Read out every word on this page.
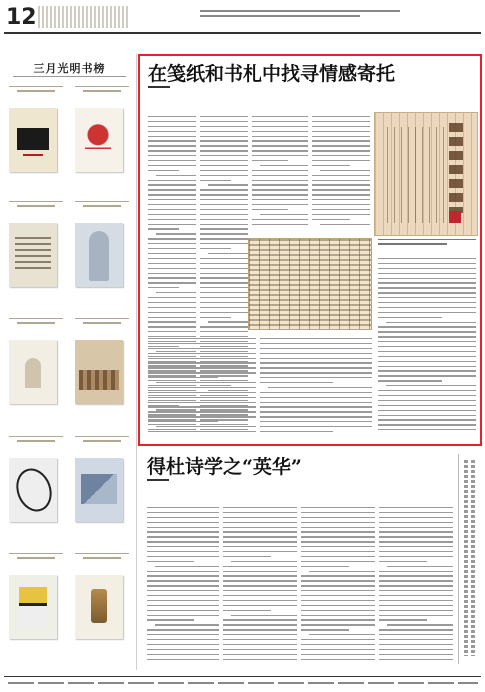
12
三月光明书榜	在笺纸和书札中找寻情感寄托
得杜诗学之“英华”
